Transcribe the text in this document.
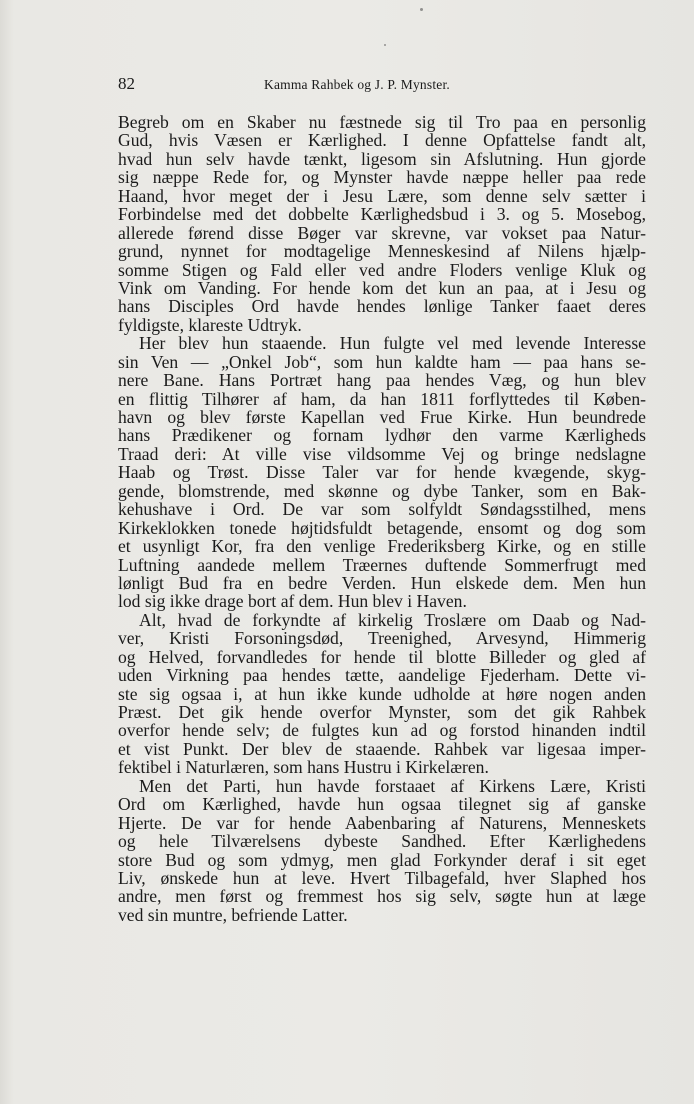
82	Kamma Rahbek og J. P. Mynster.
Begreb om en Skaber nu fæstnede sig til Tro paa en personlig
Gud, hvis Væsen er Kærlighed. I denne Opfattelse fandt alt,
hvad hun selv havde tænkt, ligesom sin Afslutning. Hun gjorde
sig næppe Rede for, og Mynster havde næppe heller paa rede
Haand, hvor meget der i Jesu Lære, som denne selv sætter i
Forbindelse med det dobbelte Kærlighedsbud i 3. og 5. Mosebog,
allerede førend disse Bøger var skrevne, var vokset paa Natur-
grund, nynnet for modtagelige Menneskesind af Nilens hjælp-
somme Stigen og Fald eller ved andre Floders venlige Kluk og
Vink om Vanding. For hende kom det kun an paa, at i Jesu og
hans Disciples Ord havde hendes lønlige Tanker faaet deres
fyldigste, klareste Udtryk.
Her blev hun staaende. Hun fulgte vel med levende Interesse
sin Ven — „Onkel Job“, som hun kaldte ham — paa hans se-
nere Bane. Hans Portræt hang paa hendes Væg, og hun blev
en flittig Tilhører af ham, da han 1811 forflyttedes til Køben-
havn og blev første Kapellan ved Frue Kirke. Hun beundrede
hans Prædikener og fornam lydhør den varme Kærligheds
Traad deri: At ville vise vildsomme Vej og bringe nedslagne
Haab og Trøst. Disse Taler var for hende kvægende, skyg-
gende, blomstrende, med skønne og dybe Tanker, som en Bak-
kehushave i Ord. De var som solfyldt Søndagsstilhed, mens
Kirkeklokken tonede højtidsfuldt betagende, ensomt og dog som
et usynligt Kor, fra den venlige Frederiksberg Kirke, og en stille
Luftning aandede mellem Træernes duftende Sommerfrugt med
lønligt Bud fra en bedre Verden. Hun elskede dem. Men hun
lod sig ikke drage bort af dem. Hun blev i Haven.
Alt, hvad de forkyndte af kirkelig Troslære om Daab og Nad-
ver, Kristi Forsoningsdød, Treenighed, Arvesynd, Himmerig
og Helved, forvandledes for hende til blotte Billeder og gled af
uden Virkning paa hendes tætte, aandelige Fjederham. Dette vi-
ste sig ogsaa i, at hun ikke kunde udholde at høre nogen anden
Præst. Det gik hende overfor Mynster, som det gik Rahbek
overfor hende selv; de fulgtes kun ad og forstod hinanden indtil
et vist Punkt. Der blev de staaende. Rahbek var ligesaa imper-
fektibel i Naturlæren, som hans Hustru i Kirkelæren.
Men det Parti, hun havde forstaaet af Kirkens Lære, Kristi
Ord om Kærlighed, havde hun ogsaa tilegnet sig af ganske
Hjerte. De var for hende Aabenbaring af Naturens, Menneskets
og hele Tilværelsens dybeste Sandhed. Efter Kærlighedens
store Bud og som ydmyg, men glad Forkynder deraf i sit eget
Liv, ønskede hun at leve. Hvert Tilbagefald, hver Slaphed hos
andre, men først og fremmest hos sig selv, søgte hun at læge
ved sin muntre, befriende Latter.
